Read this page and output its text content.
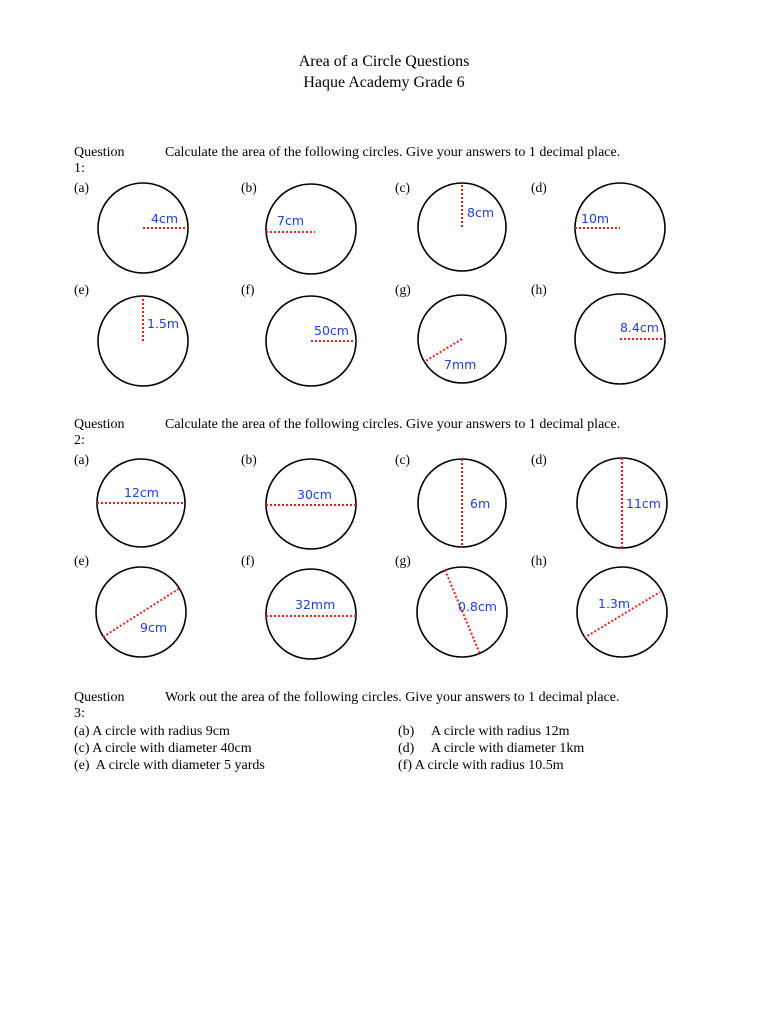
Area of a Circle Questions
Haque Academy Grade 6
Question 1:
Calculate the area of the following circles. Give your answers to 1 decimal place.
(a)	(b)	(c)	(d)
(e)	(f)	(g)	(h)
Question 2:
Calculate the area of the following circles. Give your answers to 1 decimal place.
(a)	(b)	(c)	(d)
(e)	(f)	(g)	(h)
4cm	7cm
8cm	10m
1.5m	50cm
7mm
8.4cm
12cm	30cm
6m	11cm
9cm
32mm	0.8cm	1.3m
Question 3:
Work out the area of the following circles. Give your answers to 1 decimal place.
(a) A circle with radius 9cm	(b)     A circle with radius 12m
(c) A circle with diameter 40cm	(d)     A circle with diameter 1km
(e)  A circle with diameter 5 yards	(f) A circle with radius 10.5m
